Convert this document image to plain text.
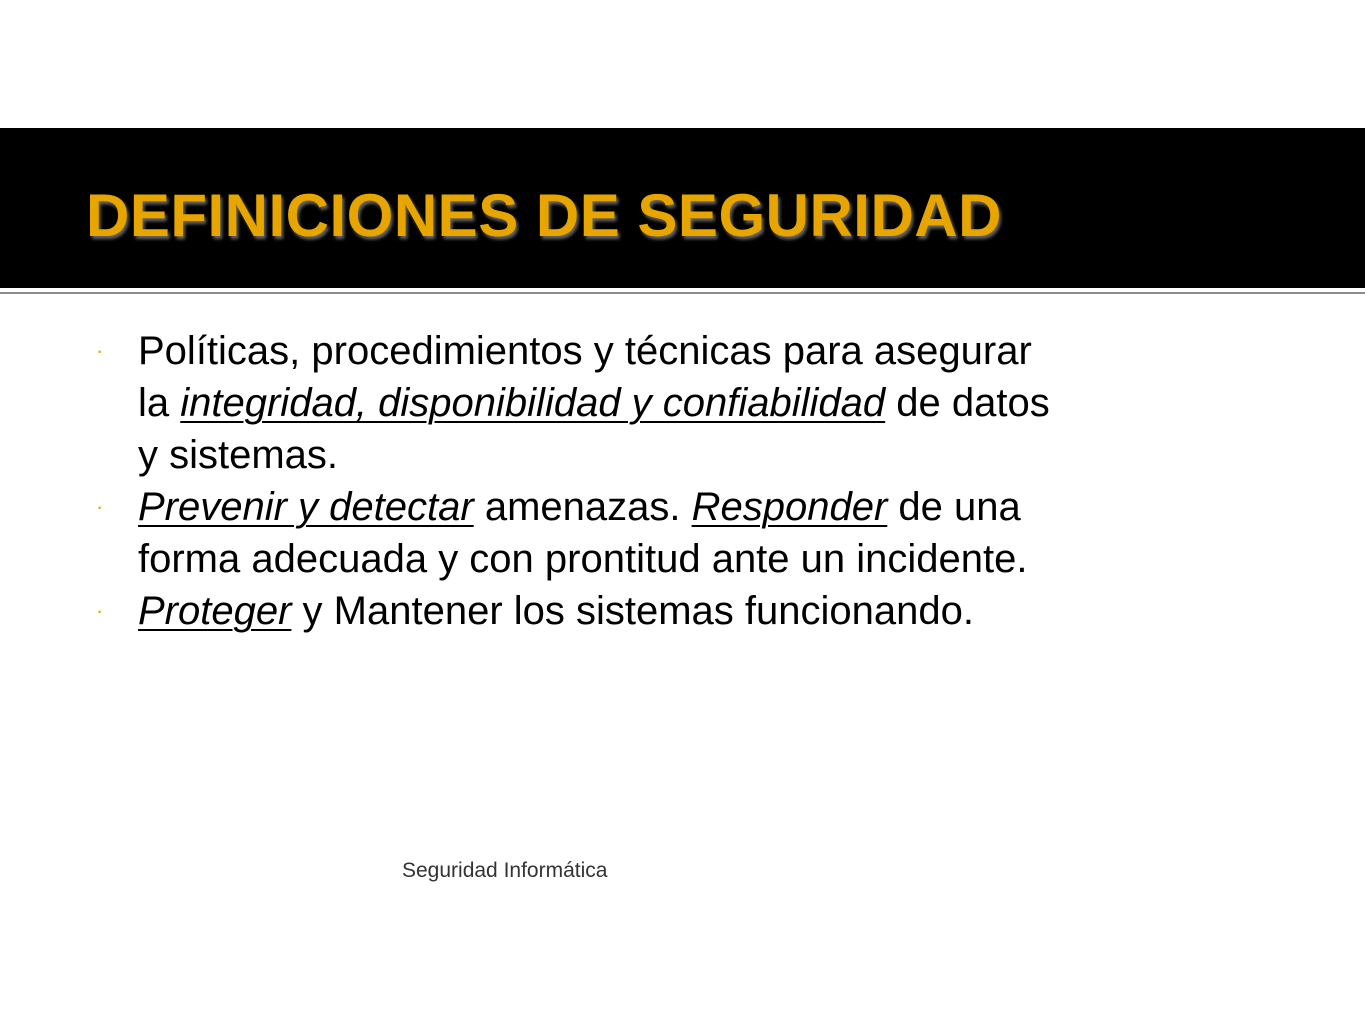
DEFINICIONES DE SEGURIDAD
· Políticas, procedimientos y técnicas para asegurar la integridad, disponibilidad y confiabilidad de datos y sistemas.
· Prevenir y detectar amenazas. Responder de una forma adecuada y con prontitud ante un incidente.
· Proteger y Mantener los sistemas funcionando.
Seguridad Informática
